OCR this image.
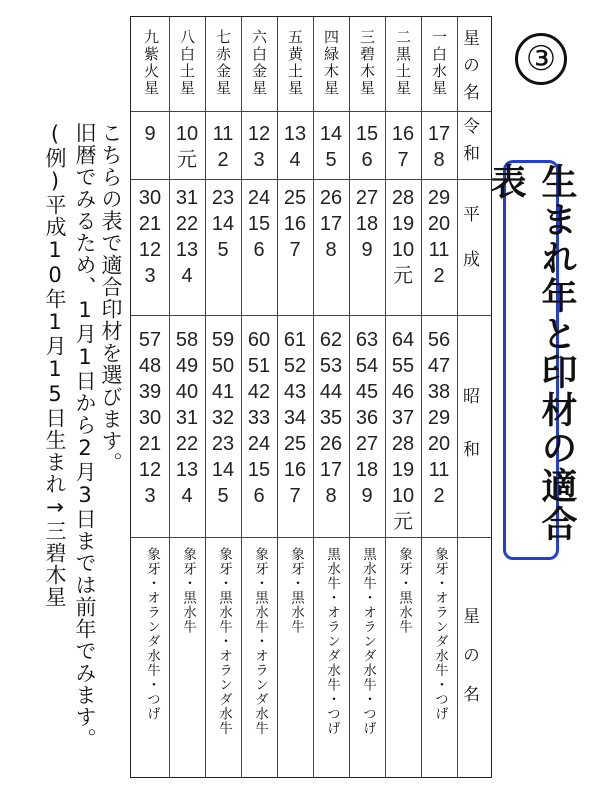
③
生まれ年と印材の適合表
星の名
令和
平成
昭和
星の名
一白水星
17
8
29
20
11
2
56
47
38
29
20
11
2
象牙・オランダ水牛・つげ
二黒土星
16
7
28
19
10
元
64
55
46
37
28
19
10
元
象牙・黒水牛
三碧木星
15
6
27
18
9
63
54
45
36
27
18
9
黒水牛・オランダ水牛・つげ
四緑木星
14
5
26
17
8
62
53
44
35
26
17
8
黒水牛・オランダ水牛・つげ
五黄土星
13
4
25
16
7
61
52
43
34
25
16
7
象牙・黒水牛
六白金星
12
3
24
15
6
60
51
42
33
24
15
6
象牙・黒水牛・オランダ水牛
七赤金星
11
2
23
14
5
59
50
41
32
23
14
5
象牙・黒水牛・オランダ水牛
八白土星
10
元
31
22
13
4
58
49
40
31
22
13
4
象牙・黒水牛
九紫火星
9
30
21
12
3
57
48
39
30
21
12
3
象牙・オランダ水牛・つげ
こちらの表で適合印材を選びます。
旧暦でみるため、1月1日から2月3日までは前年でみます。
(例)平成10年1月15日生まれ→三碧木星
